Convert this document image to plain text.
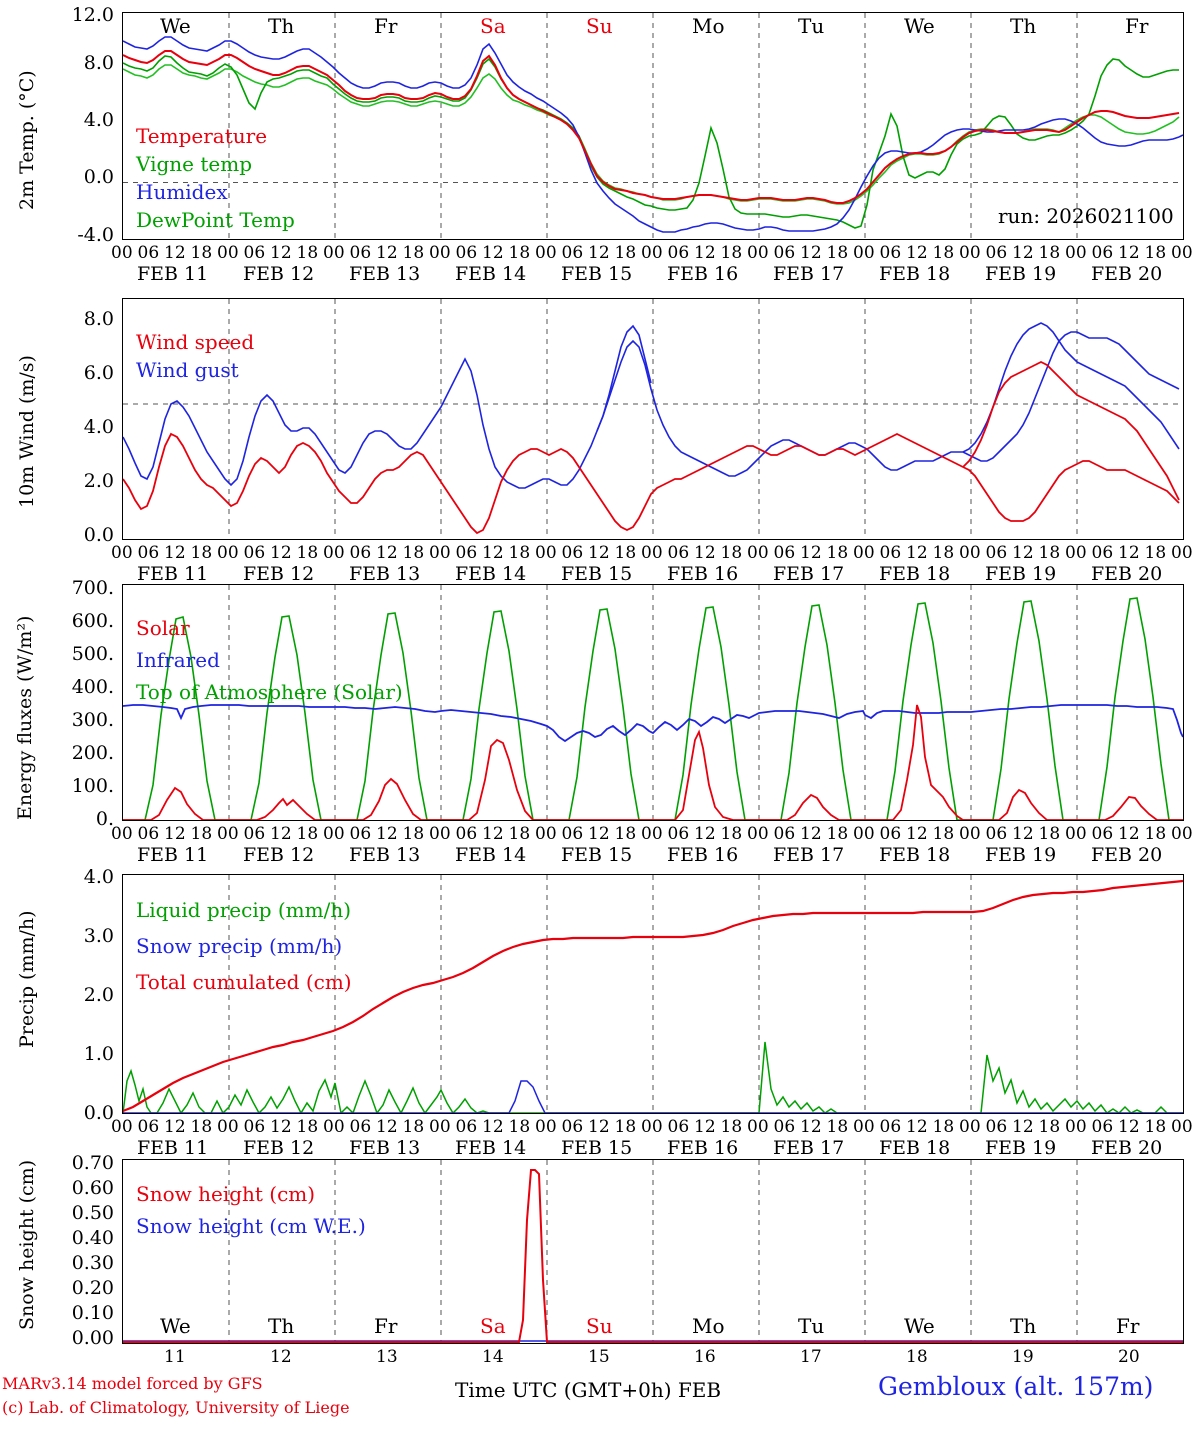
2m Temp. (°C)
12.0
8.0
4.0
0.0
-4.0
We	Th	Fr	Sa	Su	Mo	Tu	We	Th	Fr
Temperature
Vigne temp
Humidex
DewPoint Temp	run: 2026021100
10m Wind (m/s)
8.0
6.0
4.0
2.0
0.0
Wind speed
Wind gust
Energy fluxes (W/m²)
700.
600.
500.
400.
300.
200.
100.
0.
Solar
Infrared
Top of Atmosphere (Solar)
Precip (mm/h)
4.0
3.0
2.0
1.0
0.0
Liquid precip (mm/h)
Snow precip (mm/h)
Total cumulated (cm)
Snow height (cm)	0.70
0.60
0.50
0.40
0.30
0.20
0.10
0.00
Snow height (cm)
Snow height (cm W.E.)
We	Th	Fr	Sa	Su	Mo	Tu	We	Th	Fr
00 06 12 18 00 06 12 18 00 06 12 18 00 06 12 18 00 06 12 18 00 06 12 18 00 06 12 18 00 06 12 18 00 06 12 18 00 06 12 18 00
FEB 11 FEB 12 FEB 13 FEB 14 FEB 15 FEB 16 FEB 17 FEB 18 FEB 19 FEB 20
00 06 12 18 00 06 12 18 00 06 12 18 00 06 12 18 00 06 12 18 00 06 12 18 00 06 12 18 00 06 12 18 00 06 12 18 00 06 12 18 00
FEB 11 FEB 12 FEB 13 FEB 14 FEB 15 FEB 16 FEB 17 FEB 18 FEB 19 FEB 20
00 06 12 18 00 06 12 18 00 06 12 18 00 06 12 18 00 06 12 18 00 06 12 18 00 06 12 18 00 06 12 18 00 06 12 18 00 06 12 18 00
FEB 11 FEB 12 FEB 13 FEB 14 FEB 15 FEB 16 FEB 17 FEB 18 FEB 19 FEB 20
00 06 12 18 00 06 12 18 00 06 12 18 00 06 12 18 00 06 12 18 00 06 12 18 00 06 12 18 00 06 12 18 00 06 12 18 00 06 12 18 00
FEB 11 FEB 12 FEB 13 FEB 14 FEB 15 FEB 16 FEB 17 FEB 18 FEB 19 FEB 20
11	12	13	14	15	16	17	18	19	20
MARv3.14 model forced by GFS
(c) Lab. of Climatology, University of Liege
Time UTC (GMT+0h) FEB	Gembloux (alt. 157m)
